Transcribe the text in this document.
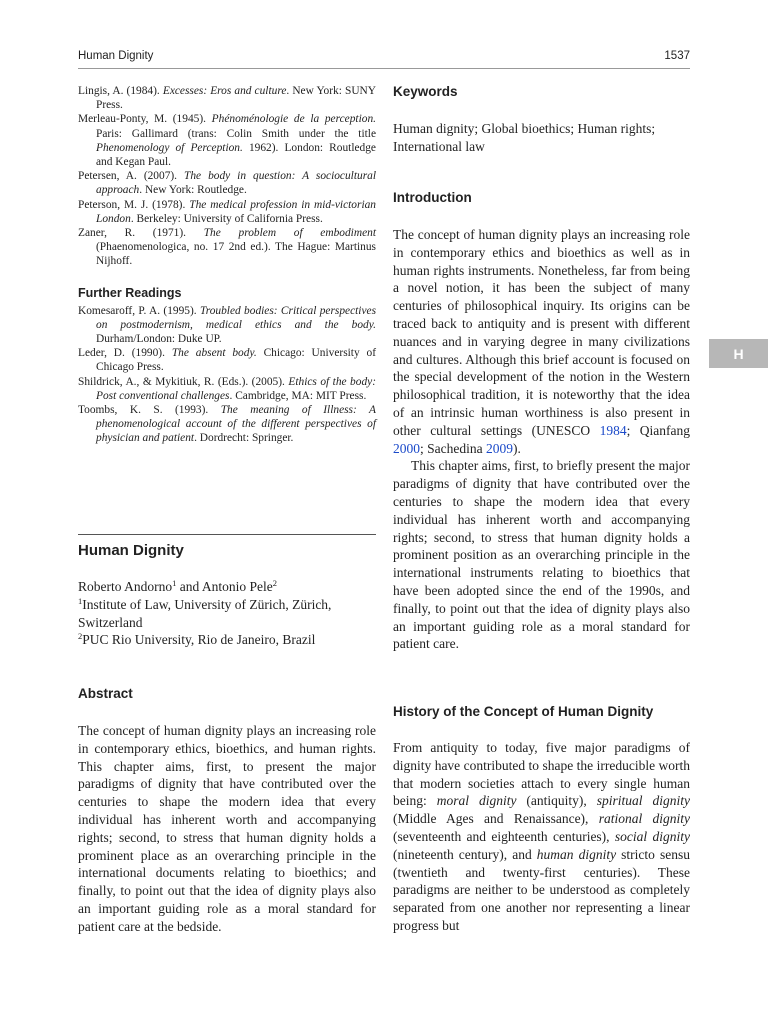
Human Dignity	1537

Lingis, A. (1984). Excesses: Eros and culture. New York: SUNY Press.

Merleau-Ponty, M. (1945). Phénoménologie de la perception. Paris: Gallimard (trans: Colin Smith under the title Phenomenology of Perception. 1962). London: Routledge and Kegan Paul.

Petersen, A. (2007). The body in question: A sociocultural approach. New York: Routledge.

Peterson, M. J. (1978). The medical profession in mid-victorian London. Berkeley: University of California Press.

Zaner, R. (1971). The problem of embodiment (Phaenomenologica, no. 17 2nd ed.). The Hague: Martinus Nijhoff.

Further Readings

Komesaroff, P. A. (1995). Troubled bodies: Critical perspectives on postmodernism, medical ethics and the body. Durham/London: Duke UP.

Leder, D. (1990). The absent body. Chicago: University of Chicago Press.

Shildrick, A., & Mykitiuk, R. (Eds.). (2005). Ethics of the body: Post conventional challenges. Cambridge, MA: MIT Press.

Toombs, K. S. (1993). The meaning of Illness: A phenomenological account of the different perspectives of physician and patient. Dordrecht: Springer.

Human Dignity
Roberto Andorno$^1$ and Antonio Pele$^2$
$^1$Institute of Law, University of Zürich, Zürich, Switzerland
$^2$PUC Rio University, Rio de Janeiro, Brazil
Abstract

The concept of human dignity plays an increasing role in contemporary ethics, bioethics, and human rights. This chapter aims, first, to present the major paradigms of dignity that have contributed over the centuries to shape the modern idea that every individual has inherent worth and accompanying rights; second, to stress that human dignity holds a prominent place as an overarching principle in the international documents relating to bioethics; and finally, to point out that the idea of dignity plays also an important guiding role as a moral standard for patient care at the bedside.

Keywords

Human dignity; Global bioethics; Human rights; International law

Introduction

The concept of human dignity plays an increasing role in contemporary ethics and bioethics as well as in human rights instruments. Nonetheless, far from being a novel notion, it has been the subject of many centuries of philosophical inquiry. Its origins can be traced back to antiquity and is present with different nuances and in varying degree in many civilizations and cultures. Although this brief account is focused on the special development of the notion in the Western philosophical tradition, it is noteworthy that the idea of an intrinsic human worthiness is also present in other cultural settings (UNESCO 1984; Qianfang 2000; Sachedina 2009).

This chapter aims, first, to briefly present the major paradigms of dignity that have contributed over the centuries to shape the modern idea that every individual has inherent worth and accompanying rights; second, to stress that human dignity holds a prominent position as an overarching principle in the international instruments relating to bioethics that have been adopted since the end of the 1990s, and finally, to point out that the idea of dignity plays also an important guiding role as a moral standard for patient care.

History of the Concept of Human Dignity

From antiquity to today, five major paradigms of dignity have contributed to shape the irreducible worth that modern societies attach to every single human being: moral dignity (antiquity), spiritual dignity (Middle Ages and Renaissance), rational dignity (seventeenth and eighteenth centuries), social dignity (nineteenth century), and human dignity stricto sensu (twentieth and twenty-first centuries). These paradigms are neither to be understood as completely separated from one another nor representing a linear progress but

H
